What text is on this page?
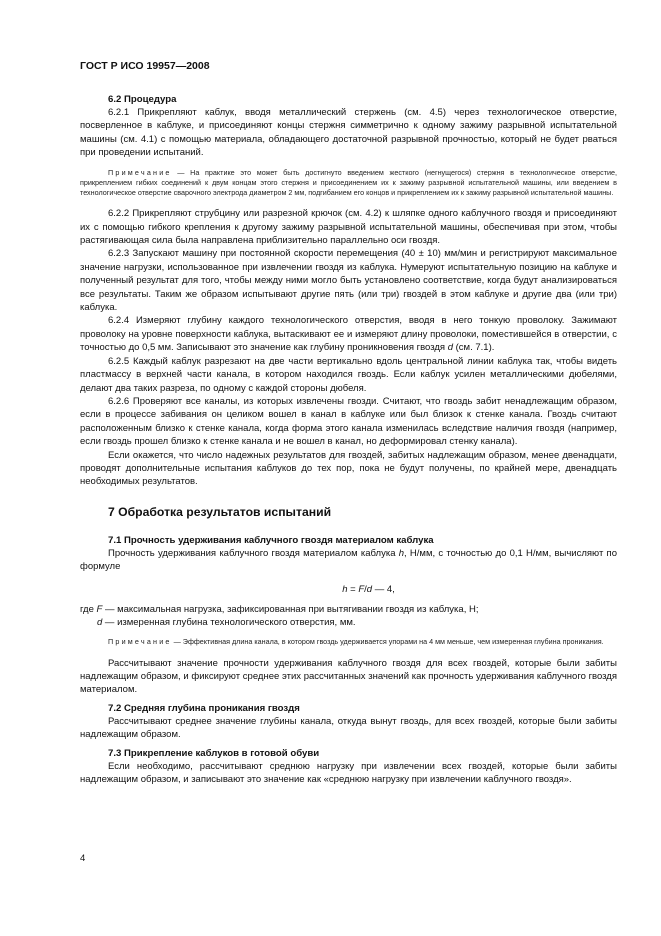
ГОСТ Р ИСО 19957—2008
6.2 Процедура

6.2.1 Прикрепляют каблук, вводя металлический стержень (см. 4.5) через технологическое отверстие, посверленное в каблуке, и присоединяют концы стержня симметрично к одному зажиму разрывной испытательной машины (см. 4.1) с помощью материала, обладающего достаточной разрывной прочностью, который не будет рваться при проведении испытаний.

Примечание — На практике это может быть достигнуто введением жесткого (негнущегося) стержня в технологическое отверстие, прикреплением гибких соединений к двум концам этого стержня и присоединением их к зажиму разрывной испытательной машины, или введением в технологическое отверстие сварочного электрода диаметром 2 мм, подгибанием его концов и прикреплением их к зажиму разрывной испытательной машины.

6.2.2 Прикрепляют струбцину или разрезной крючок (см. 4.2) к шляпке одного каблучного гвоздя и присоединяют их с помощью гибкого крепления к другому зажиму разрывной испытательной машины, обеспечивая при этом, чтобы растягивающая сила была направлена приблизительно параллельно оси гвоздя.

6.2.3 Запускают машину при постоянной скорости перемещения (40 ± 10) мм/мин и регистрируют максимальное значение нагрузки, использованное при извлечении гвоздя из каблука. Нумеруют испытательную позицию на каблуке и полученный результат для того, чтобы между ними могло быть установлено соответствие, когда будут анализироваться все результаты. Таким же образом испытывают другие пять (или три) гвоздей в этом каблуке и другие два (или три) каблука.

6.2.4 Измеряют глубину каждого технологического отверстия, вводя в него тонкую проволоку. Зажимают проволоку на уровне поверхности каблука, вытаскивают ее и измеряют длину проволоки, поместившейся в отверстии, с точностью до 0,5 мм. Записывают это значение как глубину проникновения гвоздя d (см. 7.1).

6.2.5 Каждый каблук разрезают на две части вертикально вдоль центральной линии каблука так, чтобы видеть пластмассу в верхней части канала, в котором находился гвоздь. Если каблук усилен металлическими дюбелями, делают два таких разреза, по одному с каждой стороны дюбеля.

6.2.6 Проверяют все каналы, из которых извлечены гвозди. Считают, что гвоздь забит ненадлежащим образом, если в процессе забивания он целиком вошел в канал в каблуке или был близок к стенке канала. Гвоздь считают расположенным близко к стенке канала, когда форма этого канала изменилась вследствие наличия гвоздя (например, если гвоздь прошел близко к стенке канала и не вошел в канал, но деформировал стенку канала).

Если окажется, что число надежных результатов для гвоздей, забитых надлежащим образом, менее двенадцати, проводят дополнительные испытания каблуков до тех пор, пока не будут получены, по крайней мере, двенадцать необходимых результатов.

7 Обработка результатов испытаний
7.1 Прочность удерживания каблучного гвоздя материалом каблука

Прочность удерживания каблучного гвоздя материалом каблука h, Н/мм, с точностью до 0,1 Н/мм, вычисляют по формуле

h = F/d — 4,

где F — максимальная нагрузка, зафиксированная при вытягивании гвоздя из каблука, Н;

d — измеренная глубина технологического отверстия, мм.

Примечание — Эффективная длина канала, в котором гвоздь удерживается упорами на 4 мм меньше, чем измеренная глубина проникания.

Рассчитывают значение прочности удерживания каблучного гвоздя для всех гвоздей, которые были забиты надлежащим образом, и фиксируют среднее этих рассчитанных значений как прочность удерживания каблучного гвоздя материалом.

7.2 Средняя глубина проникания гвоздя

Рассчитывают среднее значение глубины канала, откуда вынут гвоздь, для всех гвоздей, которые были забиты надлежащим образом.

7.3 Прикрепление каблуков в готовой обуви

Если необходимо, рассчитывают среднюю нагрузку при извлечении всех гвоздей, которые были забиты надлежащим образом, и записывают это значение как «среднюю нагрузку при извлечении каблучного гвоздя».

4
